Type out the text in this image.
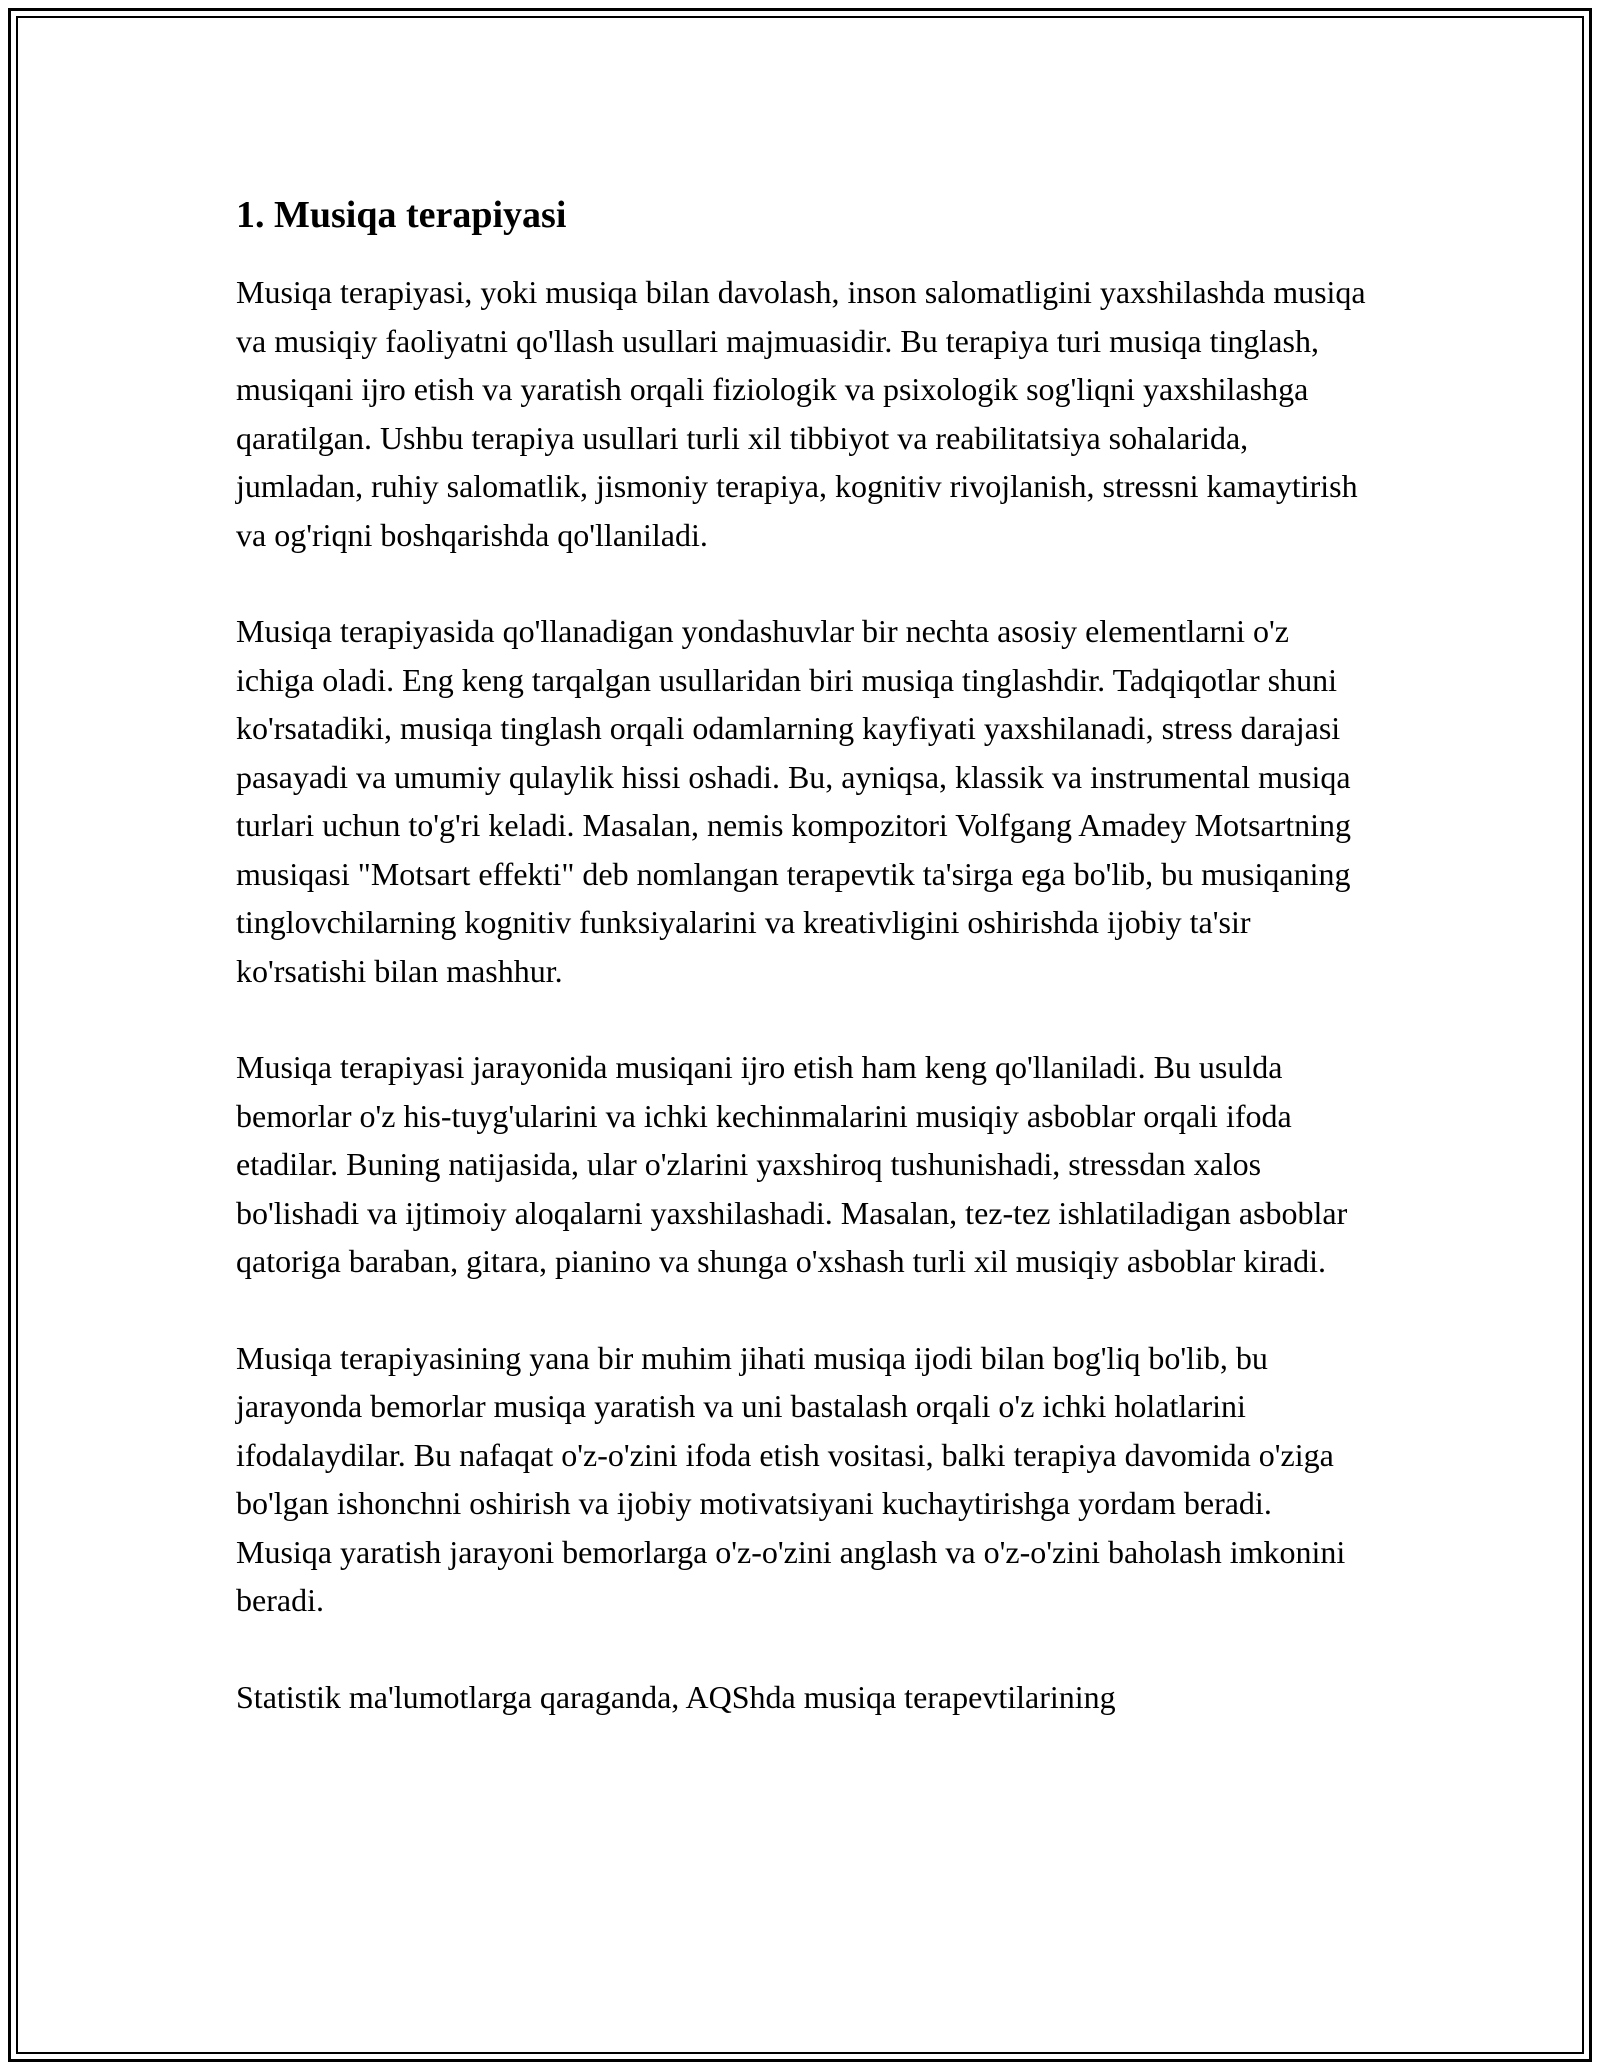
1. Musiqa terapiyasi

Musiqa terapiyasi, yoki musiqa bilan davolash, inson salomatligini yaxshilashda musiqa va musiqiy faoliyatni qo'llash usullari majmuasidir. Bu terapiya turi musiqa tinglash, musiqani ijro etish va yaratish orqali fiziologik va psixologik sog'liqni yaxshilashga qaratilgan. Ushbu terapiya usullari turli xil tibbiyot va reabilitatsiya sohalarida, jumladan, ruhiy salomatlik, jismoniy terapiya, kognitiv rivojlanish, stressni kamaytirish va og'riqni boshqarishda qo'llaniladi.

Musiqa terapiyasida qo'llanadigan yondashuvlar bir nechta asosiy elementlarni o'z ichiga oladi. Eng keng tarqalgan usullaridan biri musiqa tinglashdir. Tadqiqotlar shuni ko'rsatadiki, musiqa tinglash orqali odamlarning kayfiyati yaxshilanadi, stress darajasi pasayadi va umumiy qulaylik hissi oshadi. Bu, ayniqsa, klassik va instrumental musiqa turlari uchun to'g'ri keladi. Masalan, nemis kompozitori Volfgang Amadey Motsartning musiqasi "Motsart effekti" deb nomlangan terapevtik ta'sirga ega bo'lib, bu musiqaning tinglovchilarning kognitiv funksiyalarini va kreativligini oshirishda ijobiy ta'sir ko'rsatishi bilan mashhur.

Musiqa terapiyasi jarayonida musiqani ijro etish ham keng qo'llaniladi. Bu usulda bemorlar o'z his-tuyg'ularini va ichki kechinmalarini musiqiy asboblar orqali ifoda etadilar. Buning natijasida, ular o'zlarini yaxshiroq tushunishadi, stressdan xalos bo'lishadi va ijtimoiy aloqalarni yaxshilashadi. Masalan, tez-tez ishlatiladigan asboblar qatoriga baraban, gitara, pianino va shunga o'xshash turli xil musiqiy asboblar kiradi.

Musiqa terapiyasining yana bir muhim jihati musiqa ijodi bilan bog'liq bo'lib, bu jarayonda bemorlar musiqa yaratish va uni bastalash orqali o'z ichki holatlarini ifodalaydilar. Bu nafaqat o'z-o'zini ifoda etish vositasi, balki terapiya davomida o'ziga bo'lgan ishonchni oshirish va ijobiy motivatsiyani kuchaytirishga yordam beradi. Musiqa yaratish jarayoni bemorlarga o'z-o'zini anglash va o'z-o'zini baholash imkonini beradi.

Statistik ma'lumotlarga qaraganda, AQShda musiqa terapevtilarining
